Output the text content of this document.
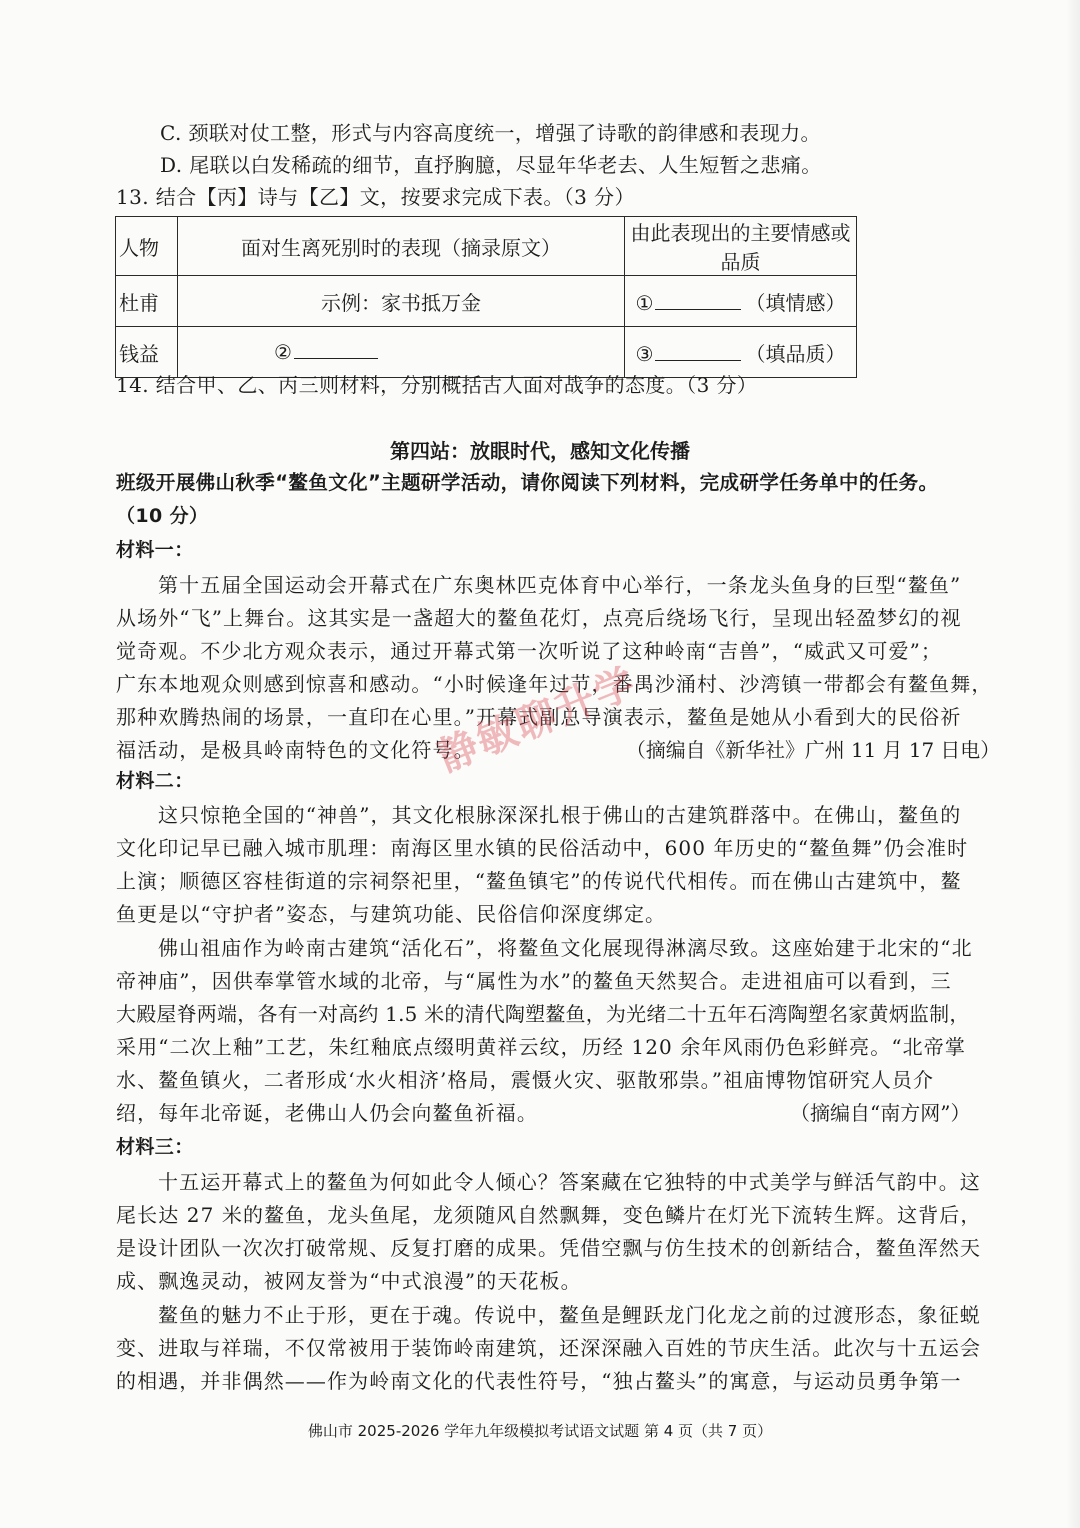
C. 颈联对仗工整，形式与内容高度统一，增强了诗歌的韵律感和表现力。
D. 尾联以白发稀疏的细节，直抒胸臆，尽显年华老去、人生短暂之悲痛。
13. 结合【丙】诗与【乙】文，按要求完成下表。（3 分）
人物	面对生离死别时的表现（摘录原文）	由此表现出的主要情感或品质
杜甫	示例：家书抵万金	① （填情感）
钱益	②	③ （填品质）
14. 结合甲、乙、丙三则材料，分别概括古人面对战争的态度。（3 分）
第四站：放眼时代，感知文化传播
班级开展佛山秋季“鳌鱼文化”主题研学活动，请你阅读下列材料，完成研学任务单中的任务。
（10 分）
材料一：
第十五届全国运动会开幕式在广东奥林匹克体育中心举行，一条龙头鱼身的巨型“鳌鱼”
从场外“飞”上舞台。这其实是一盏超大的鳌鱼花灯，点亮后绕场飞行，呈现出轻盈梦幻的视
觉奇观。不少北方观众表示，通过开幕式第一次听说了这种岭南“吉兽”，“威武又可爱”；
广东本地观众则感到惊喜和感动。“小时候逢年过节，番禺沙涌村、沙湾镇一带都会有鳌鱼舞，
那种欢腾热闹的场景，一直印在心里。”开幕式副总导演表示，鳌鱼是她从小看到大的民俗祈
福活动，是极具岭南特色的文化符号。	（摘编自《新华社》广州 11 月 17 日电）
材料二：
这只惊艳全国的“神兽”，其文化根脉深深扎根于佛山的古建筑群落中。在佛山，鳌鱼的
文化印记早已融入城市肌理：南海区里水镇的民俗活动中，600 年历史的“鳌鱼舞”仍会准时
上演；顺德区容桂街道的宗祠祭祀里，“鳌鱼镇宅”的传说代代相传。而在佛山古建筑中，鳌
鱼更是以“守护者”姿态，与建筑功能、民俗信仰深度绑定。
佛山祖庙作为岭南古建筑“活化石”，将鳌鱼文化展现得淋漓尽致。这座始建于北宋的“北
帝神庙”，因供奉掌管水域的北帝，与“属性为水”的鳌鱼天然契合。走进祖庙可以看到，三
大殿屋脊两端，各有一对高约 1.5 米的清代陶塑鳌鱼，为光绪二十五年石湾陶塑名家黄炳监制，
采用“二次上釉”工艺，朱红釉底点缀明黄祥云纹，历经 120 余年风雨仍色彩鲜亮。“北帝掌
水、鳌鱼镇火，二者形成‘水火相济’格局，震慑火灾、驱散邪祟。”祖庙博物馆研究人员介
绍，每年北帝诞，老佛山人仍会向鳌鱼祈福。	（摘编自“南方网”）
材料三：
十五运开幕式上的鳌鱼为何如此令人倾心？答案藏在它独特的中式美学与鲜活气韵中。这
尾长达 27 米的鳌鱼，龙头鱼尾，龙须随风自然飘舞，变色鳞片在灯光下流转生辉。这背后，
是设计团队一次次打破常规、反复打磨的成果。凭借空飘与仿生技术的创新结合，鳌鱼浑然天
成、飘逸灵动，被网友誉为“中式浪漫”的天花板。
鳌鱼的魅力不止于形，更在于魂。传说中，鳌鱼是鲤跃龙门化龙之前的过渡形态，象征蜕
变、进取与祥瑞，不仅常被用于装饰岭南建筑，还深深融入百姓的节庆生活。此次与十五运会
的相遇，并非偶然——作为岭南文化的代表性符号，“独占鳌头”的寓意，与运动员勇争第一
佛山市 2025-2026 学年九年级模拟考试语文试题 第 4 页（共 7 页）
静敏聊升学
